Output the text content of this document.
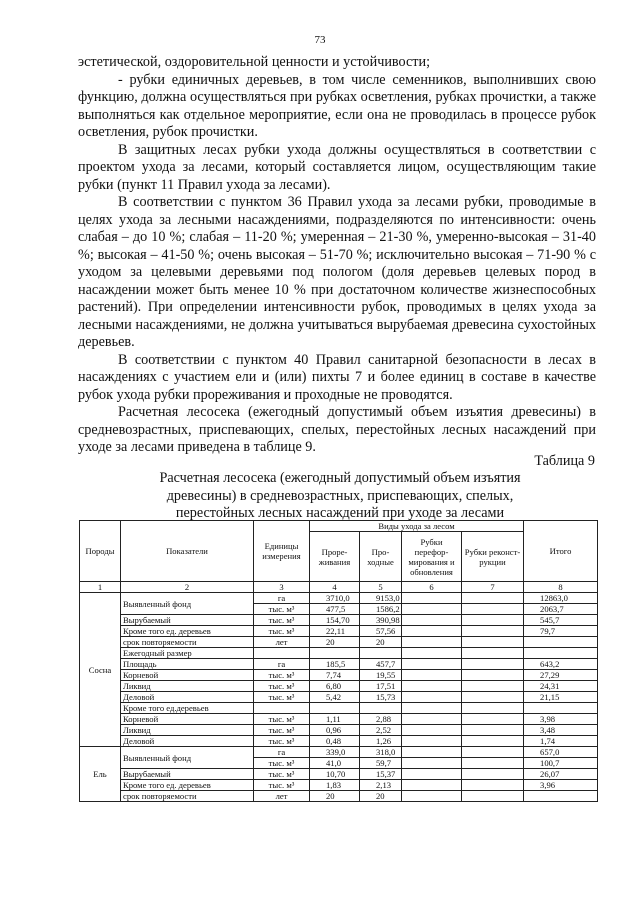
73

эстетической, оздоровительной ценности и устойчивости;

- рубки единичных деревьев, в том числе семенников, выполнивших свою функцию, должна осуществляться при рубках осветления, рубках прочистки, а также выполняться как отдельное мероприятие, если она не проводилась в процессе рубок осветления, рубок прочистки.

В защитных лесах рубки ухода должны осуществляться в соответствии с проектом ухода за лесами, который составляется лицом, осуществляющим такие рубки (пункт 11 Правил ухода за лесами).

В соответствии с пунктом 36 Правил ухода за лесами рубки, проводимые в целях ухода за лесными насаждениями, подразделяются по интенсивности: очень слабая – до 10 %; слабая – 11-20 %; умеренная – 21-30 %, умеренно-высокая – 31-40 %; высокая – 41-50 %; очень высокая – 51-70 %; исключительно высокая – 71-90 % с уходом за целевыми деревьями под пологом (доля деревьев целевых пород в насаждении может быть менее 10 % при достаточном количестве жизнеспособных растений). При определении интенсивности рубок, проводимых в целях ухода за лесными насаждениями, не должна учитываться вырубаемая древесина сухостойных деревьев.

В соответствии с пунктом 40 Правил санитарной безопасности в лесах в насаждениях с участием ели и (или) пихты 7 и более единиц в составе в качестве рубок ухода рубки прореживания и проходные не проводятся.

Расчетная лесосека (ежегодный допустимый объем изъятия древесины) в средневозрастных, приспевающих, спелых, перестойных лесных насаждений при уходе за лесами приведена в таблице 9.

Таблица 9
Расчетная лесосека (ежегодный допустимый объем изъятия древесины) в средневозрастных, приспевающих, спелых, перестойных лесных насаждений при уходе за лесами
Породы	Показатели	Единицы измерения	Виды ухода за лесом				Итого
			Проре-живания	Про-ходные	Рубки перефор-мирования и обновления	Рубки реконст-рукции	
1	2	3	4	5	6	7	8
Сосна	Выявленный фонд	га	3710,0	9153,0			12863,0
		тыс. м³	477,5	1586,2			2063,7
	Вырубаемый	тыс. м³	154,70	390,98			545,7
	Кроме того ед. деревьев	тыс. м³	22,11	57,56			79,7
	срок повторяемости	лет	20	20			
	Ежегодный размер						
	Площадь	га	185,5	457,7			643,2
	Корневой	тыс. м³	7,74	19,55			27,29
	Ликвид	тыс. м³	6,80	17,51			24,31
	Деловой	тыс. м³	5,42	15,73			21,15
	Кроме того ед.деревьев						
	Корневой	тыс. м³	1,11	2,88			3,98
	Ликвид	тыс. м³	0,96	2,52			3,48
	Деловой	тыс. м³	0,48	1,26			1,74
Ель	Выявленный фонд	га	339,0	318,0			657,0
		тыс. м³	41,0	59,7			100,7
	Вырубаемый	тыс. м³	10,70	15,37			26,07
	Кроме того ед. деревьев	тыс. м³	1,83	2,13			3,96
	срок повторяемости	лет	20	20			
